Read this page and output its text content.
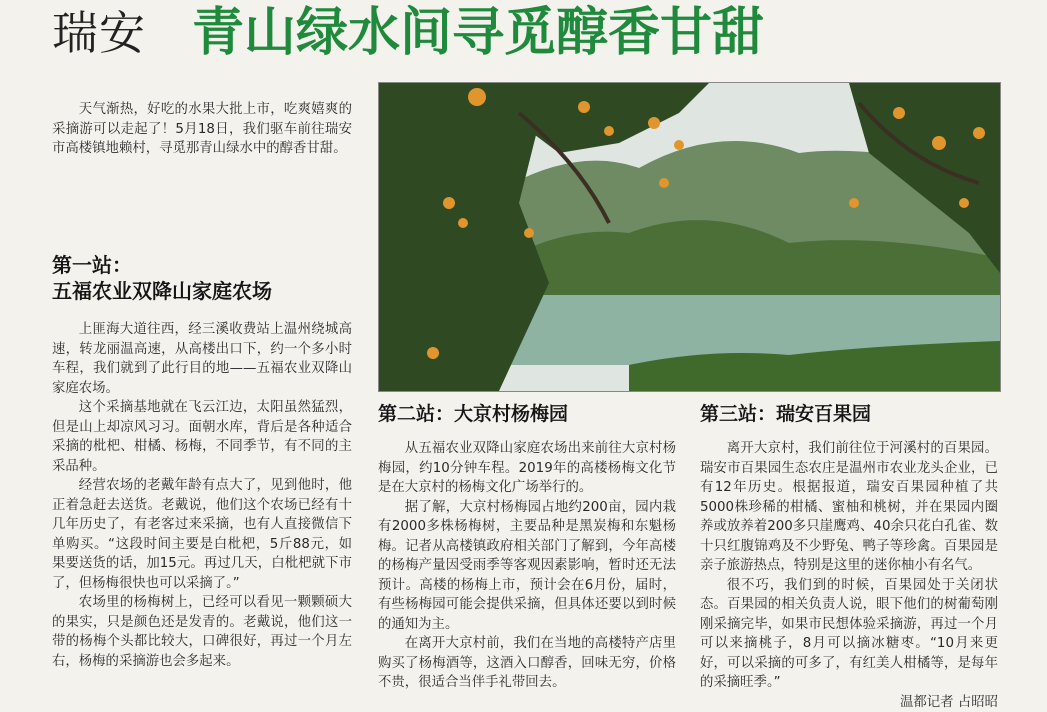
瑞安 青山绿水间寻觅醇香甘甜

天气渐热，好吃的水果大批上市，吃爽嬉爽的采摘游可以走起了！5月18日，我们驱车前往瑞安市高楼镇地赖村，寻觅那青山绿水中的醇香甘甜。

第一站：
五福农业双降山家庭农场

上匪海大道往西，经三溪收费站上温州绕城高速，转龙丽温高速，从高楼出口下，约一个多小时车程，我们就到了此行目的地——五福农业双降山家庭农场。

这个采摘基地就在飞云江边，太阳虽然猛烈，但是山上却凉风习习。面朝水库，背后是各种适合采摘的枇杷、柑橘、杨梅，不同季节，有不同的主采品种。

经营农场的老戴年龄有点大了，见到他时，他正着急赶去送货。老戴说，他们这个农场已经有十几年历史了，有老客过来采摘，也有人直接微信下单购买。“这段时间主要是白枇杷，5斤88元，如果要送货的话，加15元。再过几天，白枇杷就下市了，但杨梅很快也可以采摘了。”

农场里的杨梅树上，已经可以看见一颗颗硕大的果实，只是颜色还是发青的。老戴说，他们这一带的杨梅个头都比较大，口碑很好，再过一个月左右，杨梅的采摘游也会多起来。

第二站：大京村杨梅园

从五福农业双降山家庭农场出来前往大京村杨梅园，约10分钟车程。2019年的高楼杨梅文化节是在大京村的杨梅文化广场举行的。

据了解，大京村杨梅园占地约200亩，园内栽有2000多株杨梅树，主要品种是黑炭梅和东魁杨梅。记者从高楼镇政府相关部门了解到，今年高楼的杨梅产量因受雨季等客观因素影响，暂时还无法预计。高楼的杨梅上市，预计会在6月份，届时，有些杨梅园可能会提供采摘，但具体还要以到时候的通知为主。

在离开大京村前，我们在当地的高楼特产店里购买了杨梅酒等，这酒入口醇香，回味无穷，价格不贵，很适合当伴手礼带回去。

第三站：瑞安百果园

离开大京村，我们前往位于河溪村的百果园。瑞安市百果园生态农庄是温州市农业龙头企业，已有12年历史。根据报道，瑞安百果园种植了共5000株珍稀的柑橘、蜜柚和桃树，并在果园内圈养或放养着200多只崖鹰鸡、40余只花白孔雀、数十只红腹锦鸡及不少野兔、鸭子等珍禽。百果园是亲子旅游热点，特别是这里的迷你柚小有名气。

很不巧，我们到的时候，百果园处于关闭状态。百果园的相关负责人说，眼下他们的树葡萄刚刚采摘完毕，如果市民想体验采摘游，再过一个月可以来摘桃子，8月可以摘冰糖枣。“10月来更好，可以采摘的可多了，有红美人柑橘等，是每年的采摘旺季。”

温都记者 占昭昭
